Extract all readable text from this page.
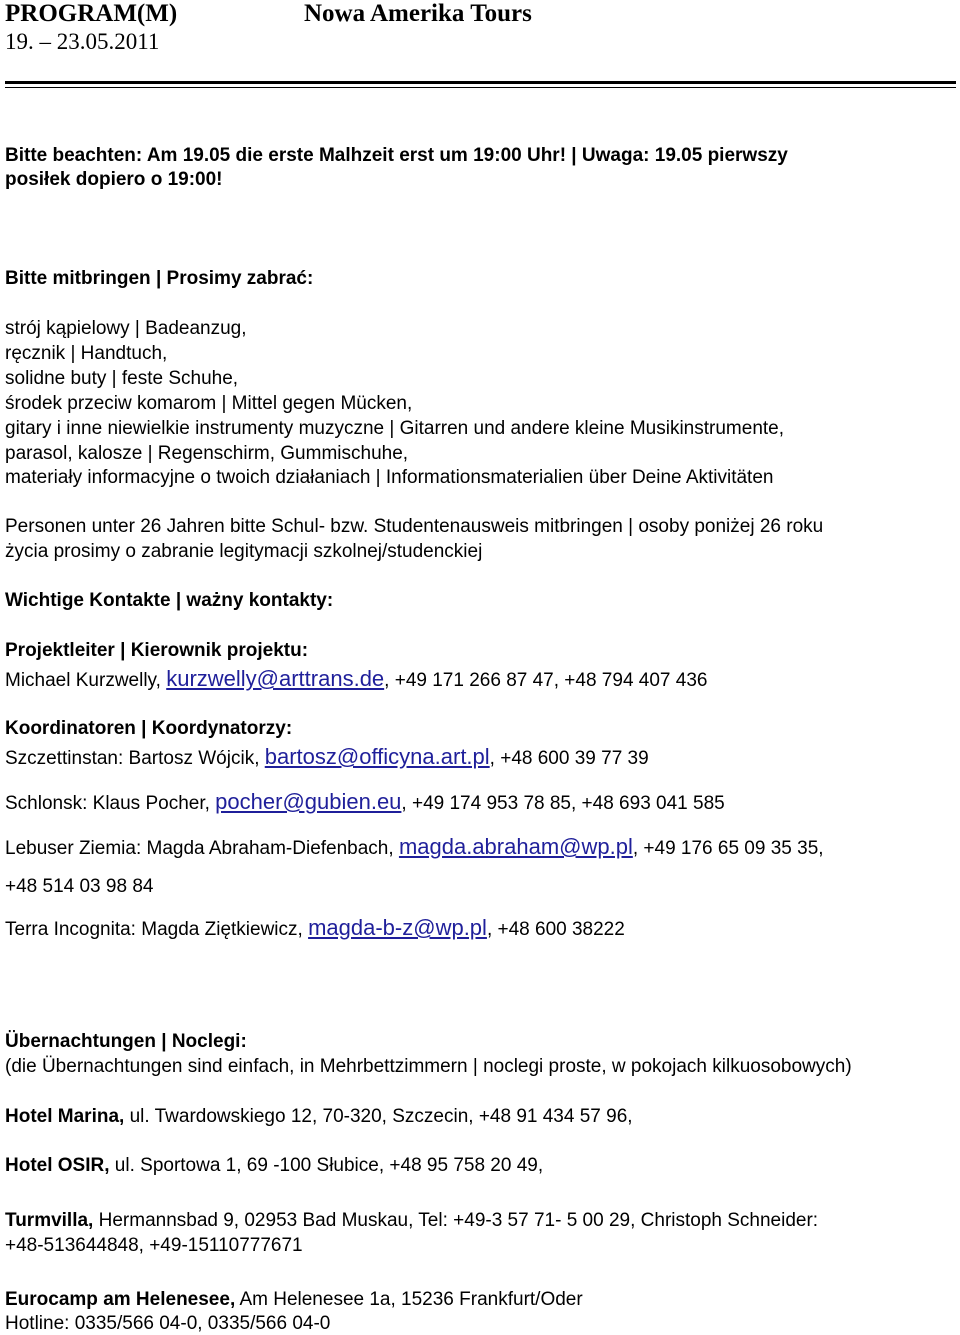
PROGRAM(M)	Nowa Amerika Tours
19. – 23.05.2011
Bitte beachten: Am 19.05 die erste Malhzeit erst um 19:00 Uhr! | Uwaga: 19.05 pierwszy
posiłek dopiero o 19:00!
Bitte mitbringen | Prosimy zabrać:
strój kąpielowy | Badeanzug,
ręcznik | Handtuch,
solidne buty | feste Schuhe,
środek przeciw komarom | Mittel gegen Mücken,
gitary i inne niewielkie instrumenty muzyczne | Gitarren und andere kleine Musikinstrumente,
parasol, kalosze | Regenschirm, Gummischuhe,
materiały informacyjne o twoich działaniach | Informationsmaterialien über Deine Aktivitäten
Personen unter 26 Jahren bitte Schul- bzw. Studentenausweis mitbringen | osoby poniżej 26 roku
życia prosimy o zabranie legitymacji szkolnej/studenckiej
Wichtige Kontakte | ważny kontakty:
Projektleiter | Kierownik projektu:
Michael Kurzwelly, kurzwelly@arttrans.de, +49 171 266 87 47, +48 794 407 436
Koordinatoren | Koordynatorzy:
Szczettinstan: Bartosz Wójcik, bartosz@officyna.art.pl, +48 600 39 77 39
Schlonsk: Klaus Pocher, pocher@gubien.eu, +49 174 953 78 85, +48 693 041 585
Lebuser Ziemia: Magda Abraham-Diefenbach, magda.abraham@wp.pl, +49 176 65 09 35 35,
+48 514 03 98 84
Terra Incognita: Magda Ziętkiewicz, magda-b-z@wp.pl, +48 600 38222
Übernachtungen | Noclegi:
(die Übernachtungen sind einfach, in Mehrbettzimmern | noclegi proste, w pokojach kilkuosobowych)
Hotel Marina, ul. Twardowskiego 12, 70-320, Szczecin, +48 91 434 57 96,
Hotel OSIR, ul. Sportowa 1, 69 -100 Słubice, +48 95 758 20 49,
Turmvilla, Hermannsbad 9, 02953 Bad Muskau, Tel: +49-3 57 71- 5 00 29, Christoph Schneider:
+48-513644848, +49-15110777671
Eurocamp am Helenesee, Am Helenesee 1a, 15236 Frankfurt/Oder
Hotline: 0335/566 04-0, 0335/566 04-0
